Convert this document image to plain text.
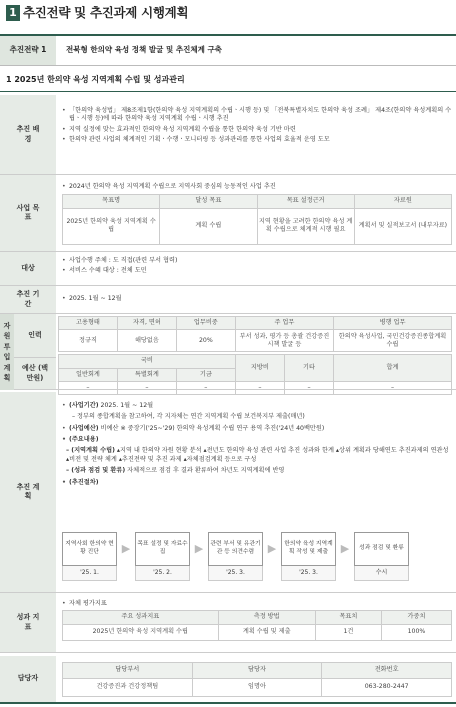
1 추진전략 및 추진과제 시행계획
추진전략 1	전북형 한의약 육성 정책 발굴 및 추진체계 구축
1 2025년 한의약 육성 지역계획 수립 및 성과관리
추진 배경
• 「한의약 육성법」 제8조제1항(한의약 육성 지역계획의 수립ㆍ시행 등) 및 「전북특별자치도 한의약 육성 조례」 제4조(한의약 육성계획의 수립ㆍ시행 등)에 따라 한의약 육성 지역계획 수립ㆍ시행 추진
• 지역 실정에 맞는 효과적인 한의약 육성 지역계획 수립을 통한 한의약 육성 기반 마련
• 한의약 관련 사업의 체계적인 기획ㆍ수행ㆍ모니터링 등 성과관리를 통한 사업의 효율적 운영 도모
사업 목표
• 2024년 한의약 육성 지역계획 수립으로 지역사회 중심의 능동적인 사업 추진
목표명	달성 목표	목표 설정근거	자료원
2025년 한의약 육성 지역계획 수립	계획 수립	지역 현황을 고려한 한의약 육성 계획 수립으로 체계적 시행 필요	계획서 및 실적보고서 (내부자료)
대상
• 사업수행 주체 : 도 직접(관련 부서 협력)
• 서비스 수혜 대상 : 전체 도민
추진 기간
• 2025. 1월 ~ 12월
자원투입계획
인력
예산 (백만원)
고용형태	자격, 면허	업무비중	주 업무	병행 업무
정규직	해당없음	20%	부서 성과, 평가 등 총괄 건강증진 시책 발굴 등	한의약 육성사업, 국민건강증진종합계획 수립
국비			지방비	기타	합계
일반회계	특별회계	기금			
–	–	–	–	–	–
추진 계획
• (사업기간) 2025. 1월 ~ 12월
– 정부의 종합계획을 참고하여, 각 지자체는 연간 지역계획 수립 보건복지부 제출(매년)
• (사업예산) 비예산 ※ 중장기('25~'29) 한의약 육성계획 수립 연구 용역 추진('24년 40백만원)
• (주요내용)
– (지역계획 수립) ▴지역 내 한의약 자원 현황 분석 ▴전년도 한의약 육성 관련 사업 추진 성과와 한계 ▴상위 계획과 당해연도 추진과제의 연관성 ▴비전 및 전략 체계 ▴추진전략 및 추진 과제 ▴자체점검계획 등으로 구성
– (성과 점검 및 환류) 자체적으로 점검 후 결과 환류하여 차년도 지역계획에 반영
• (추진절차)
지역사회 한의약 현황 진단
'25. 1.
▶	목표 설정 및 자료수집
'25. 2.
▶	관련 부서 및 유관기관 등 의견수렴
'25. 3.
▶	한의약 육성 지역계획 작성 및 제출
'25. 3.
▶	성과 점검 및 환류
수시
성과 지표
• 자체 평가지표
주요 성과지표	측정 방법	목표치	가중치
2025년 한의약 육성 지역계획 수립	계획 수립 및 제출	1건	100%
담당자
담당부서	담당자	전화번호
건강증진과 건강정책팀	임명아	063-280-2447
